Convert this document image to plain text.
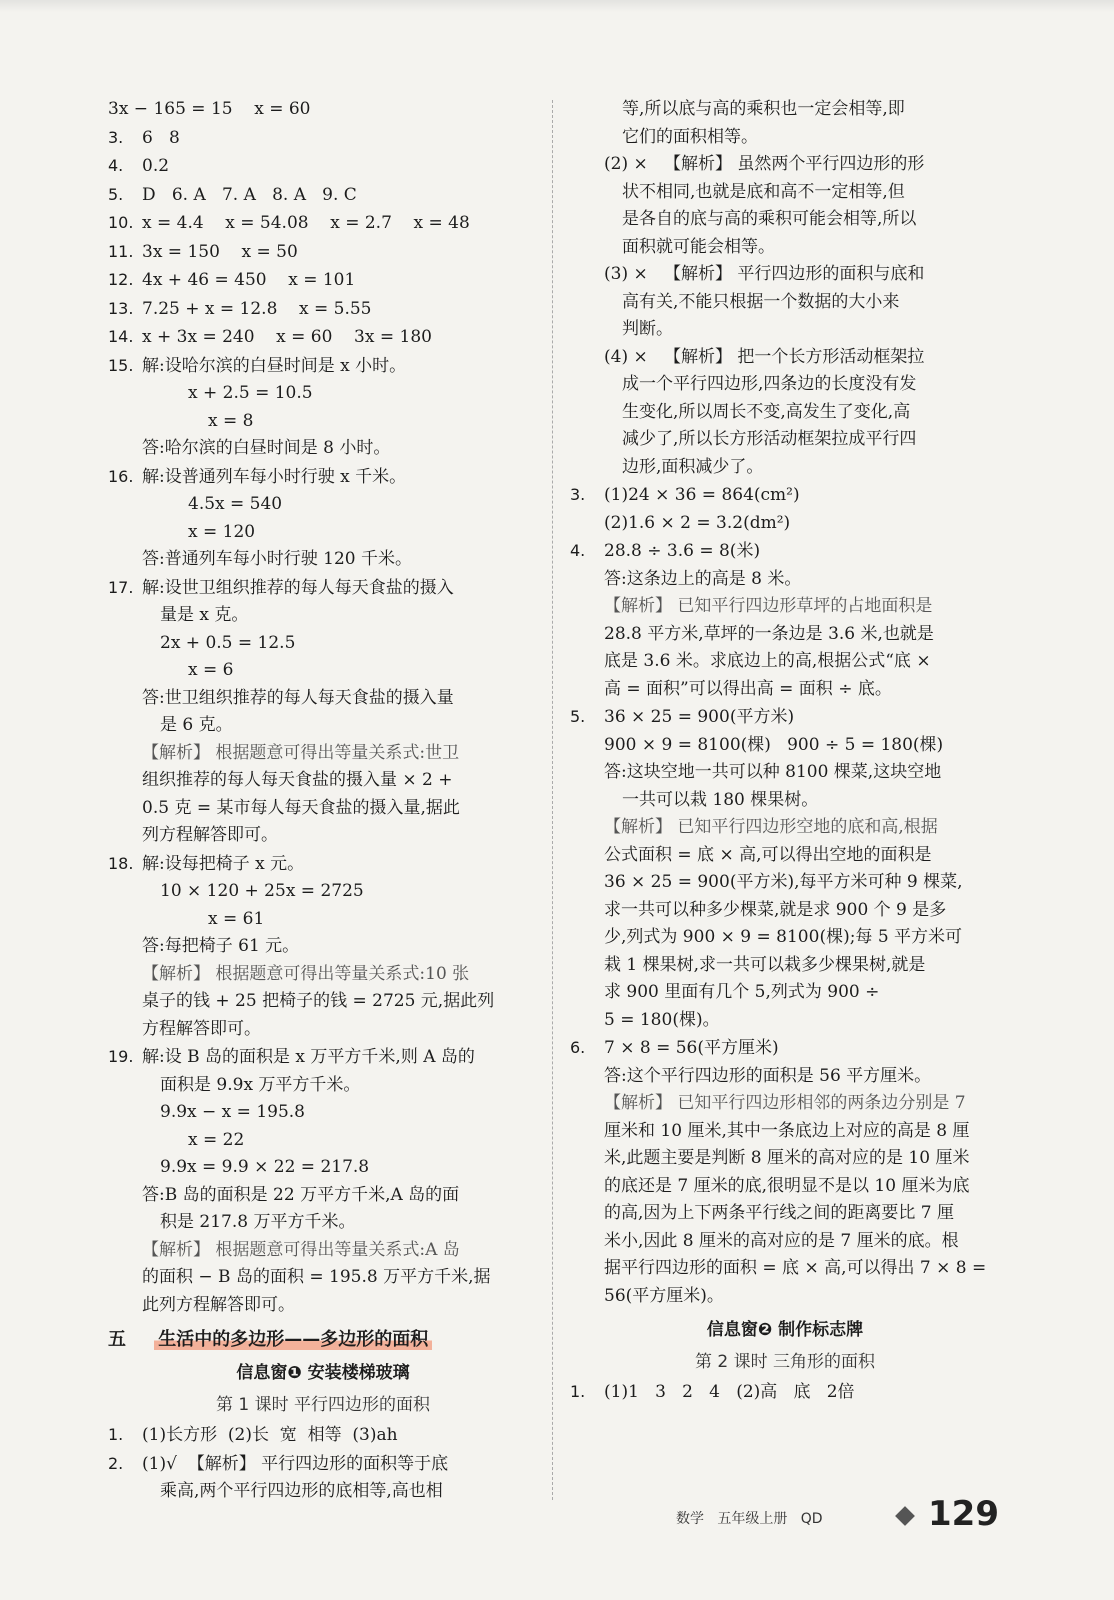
3x − 165 = 15    x = 60
3. 6   8
4. 0.2
5. D   6. A   7. A   8. A   9. C
10. x = 4.4    x = 54.08    x = 2.7    x = 48
11. 3x = 150    x = 50
12. 4x + 46 = 450    x = 101
13. 7.25 + x = 12.8    x = 5.55
14. x + 3x = 240    x = 60    3x = 180
15. 解:设哈尔滨的白昼时间是 x 小时。
x + 2.5 = 10.5
x = 8
答:哈尔滨的白昼时间是 8 小时。
16. 解:设普通列车每小时行驶 x 千米。
4.5x = 540
x = 120
答:普通列车每小时行驶 120 千米。
17. 解:设世卫组织推荐的每人每天食盐的摄入
量是 x 克。
2x + 0.5 = 12.5
x = 6
答:世卫组织推荐的每人每天食盐的摄入量
是 6 克。
【解析】 根据题意可得出等量关系式:世卫
组织推荐的每人每天食盐的摄入量 × 2 +
0.5 克 = 某市每人每天食盐的摄入量,据此
列方程解答即可。
18. 解:设每把椅子 x 元。
10 × 120 + 25x = 2725
x = 61
答:每把椅子 61 元。
【解析】 根据题意可得出等量关系式:10 张
桌子的钱 + 25 把椅子的钱 = 2725 元,据此列
方程解答即可。
19. 解:设 B 岛的面积是 x 万平方千米,则 A 岛的
面积是 9.9x 万平方千米。
9.9x − x = 195.8
x = 22
9.9x = 9.9 × 22 = 217.8
答:B 岛的面积是 22 万平方千米,A 岛的面
积是 217.8 万平方千米。
【解析】 根据题意可得出等量关系式:A 岛
的面积 − B 岛的面积 = 195.8 万平方千米,据
此列方程解答即可。
五 生活中的多边形——多边形的面积
信息窗❶ 安装楼梯玻璃
第 1 课时 平行四边形的面积
1. (1)长方形  (2)长  宽  相等  (3)ah
2. (1)√  【解析】 平行四边形的面积等于底
乘高,两个平行四边形的底相等,高也相
等,所以底与高的乘积也一定会相等,即
它们的面积相等。
(2) ×   【解析】 虽然两个平行四边形的形
状不相同,也就是底和高不一定相等,但
是各自的底与高的乘积可能会相等,所以
面积就可能会相等。
(3) ×   【解析】 平行四边形的面积与底和
高有关,不能只根据一个数据的大小来
判断。
(4) ×   【解析】 把一个长方形活动框架拉
成一个平行四边形,四条边的长度没有发
生变化,所以周长不变,高发生了变化,高
减少了,所以长方形活动框架拉成平行四
边形,面积减少了。
3. (1)24 × 36 = 864(cm²)
(2)1.6 × 2 = 3.2(dm²)
4. 28.8 ÷ 3.6 = 8(米)
答:这条边上的高是 8 米。
【解析】 已知平行四边形草坪的占地面积是
28.8 平方米,草坪的一条边是 3.6 米,也就是
底是 3.6 米。求底边上的高,根据公式“底 ×
高 = 面积”可以得出高 = 面积 ÷ 底。
5. 36 × 25 = 900(平方米)
900 × 9 = 8100(棵)   900 ÷ 5 = 180(棵)
答:这块空地一共可以种 8100 棵菜,这块空地
一共可以栽 180 棵果树。
【解析】 已知平行四边形空地的底和高,根据
公式面积 = 底 × 高,可以得出空地的面积是
36 × 25 = 900(平方米),每平方米可种 9 棵菜,
求一共可以种多少棵菜,就是求 900 个 9 是多
少,列式为 900 × 9 = 8100(棵);每 5 平方米可
栽 1 棵果树,求一共可以栽多少棵果树,就是
求 900 里面有几个 5,列式为 900 ÷
5 = 180(棵)。
6. 7 × 8 = 56(平方厘米)
答:这个平行四边形的面积是 56 平方厘米。
【解析】 已知平行四边形相邻的两条边分别是 7
厘米和 10 厘米,其中一条底边上对应的高是 8 厘
米,此题主要是判断 8 厘米的高对应的是 10 厘米
的底还是 7 厘米的底,很明显不是以 10 厘米为底
的高,因为上下两条平行线之间的距离要比 7 厘
米小,因此 8 厘米的高对应的是 7 厘米的底。根
据平行四边形的面积 = 底 × 高,可以得出 7 × 8 =
56(平方厘米)。
信息窗❷ 制作标志牌
第 2 课时 三角形的面积
1. (1)1   3   2   4   (2)高   底   2倍
数学 五年级上册 QD	129
